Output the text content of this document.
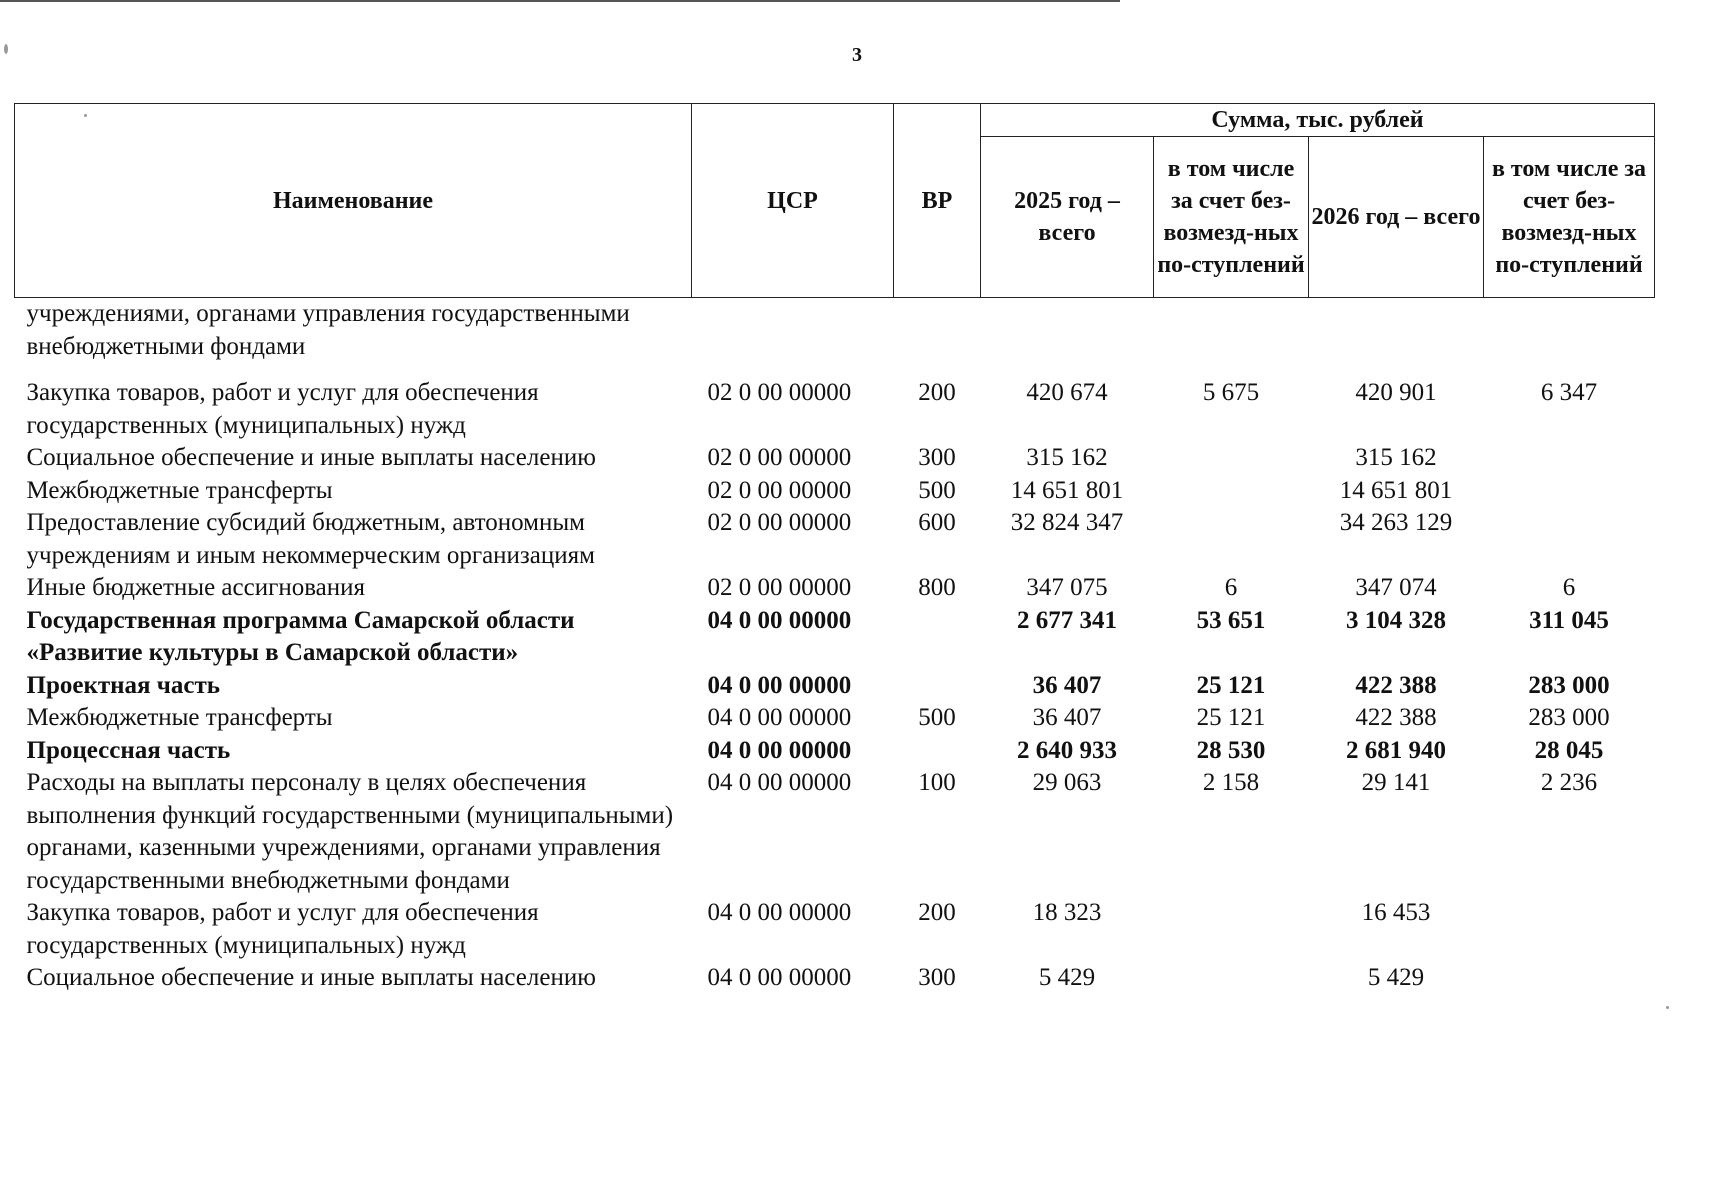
3
Наименование	ЦСР	ВР	Сумма, тыс. рублей			
			2025 год – всего	в том числе за счет без-возмезд-ных по-ступлений	2026 год – всего	в том числе за счет без-возмезд-ных по-ступлений
учреждениями, органами управления государственными внебюджетными фондами						
Закупка товаров, работ и услуг для обеспечения государственных (муниципальных) нужд	02 0 00 00000	200	420 674	5 675	420 901	6 347
Социальное обеспечение и иные выплаты населению	02 0 00 00000	300	315 162		315 162	
Межбюджетные трансферты	02 0 00 00000	500	14 651 801		14 651 801	
Предоставление субсидий бюджетным, автономным учреждениям и иным некоммерческим организациям	02 0 00 00000	600	32 824 347		34 263 129	
Иные бюджетные ассигнования	02 0 00 00000	800	347 075	6	347 074	6
Государственная программа Самарской области «Развитие культуры в Самарской области»	04 0 00 00000		2 677 341	53 651	3 104 328	311 045
Проектная часть	04 0 00 00000		36 407	25 121	422 388	283 000
Межбюджетные трансферты	04 0 00 00000	500	36 407	25 121	422 388	283 000
Процессная часть	04 0 00 00000		2 640 933	28 530	2 681 940	28 045
Расходы на выплаты персоналу в целях обеспечения выполнения функций государственными (муниципальными) органами, казенными учреждениями, органами управления государственными внебюджетными фондами	04 0 00 00000	100	29 063	2 158	29 141	2 236
Закупка товаров, работ и услуг для обеспечения государственных (муниципальных) нужд	04 0 00 00000	200	18 323		16 453	
Социальное обеспечение и иные выплаты населению	04 0 00 00000	300	5 429		5 429	
